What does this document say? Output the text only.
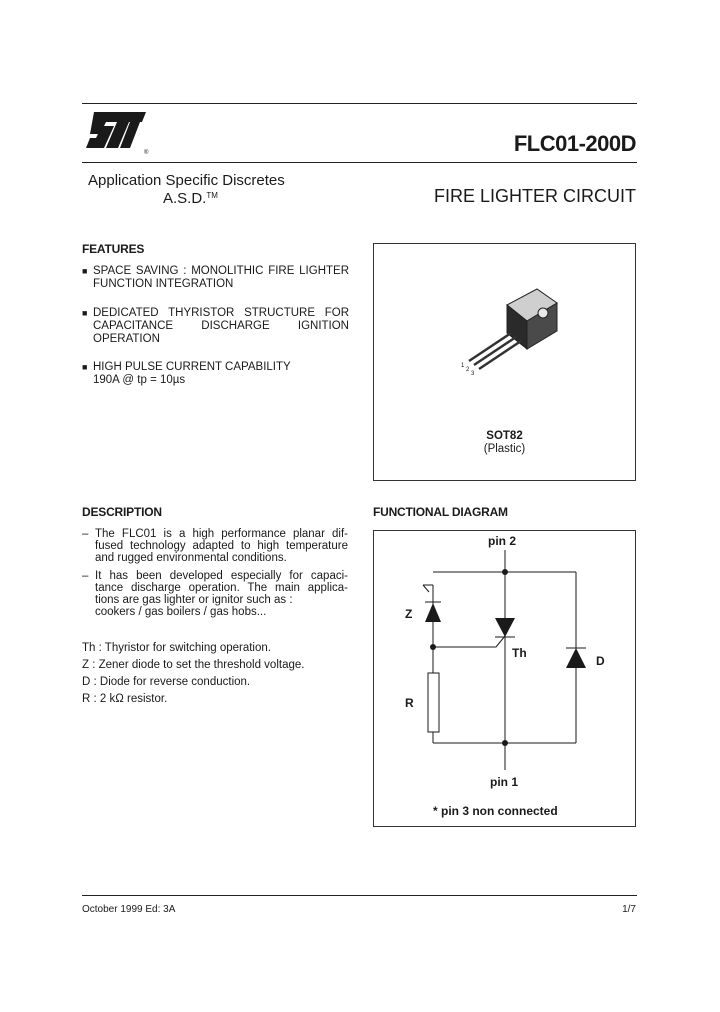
®	FLC01-200D
Application Specific Discretes
A.S.D.™	FIRE LIGHTER CIRCUIT
FEATURES
■ SPACE SAVING : MONOLITHIC FIRE LIGHTER
FUNCTION INTEGRATION
■ DEDICATED THYRISTOR STRUCTURE FOR
CAPACITANCE DISCHARGE IGNITION
OPERATION
■ HIGH PULSE CURRENT CAPABILITY
190A @ tp = 10µs
1
2
3
SOT82
(Plastic)
DESCRIPTION
– The FLC01 is a high performance planar dif-
fused technology adapted to high temperature
and rugged environmental conditions.
– It has been developed especially for capaci-
tance discharge operation. The main applica-
tions are gas lighter or ignitor such as :
cookers / gas boilers / gas hobs...
Th : Thyristor for switching operation.
Z : Zener diode to set the threshold voltage.
D : Diode for reverse conduction.
R : 2 kΩ resistor.
FUNCTIONAL DIAGRAM
pin 2
Z
Th
D
R
pin 1
* pin 3 non connected
October 1999 Ed: 3A	1/7
